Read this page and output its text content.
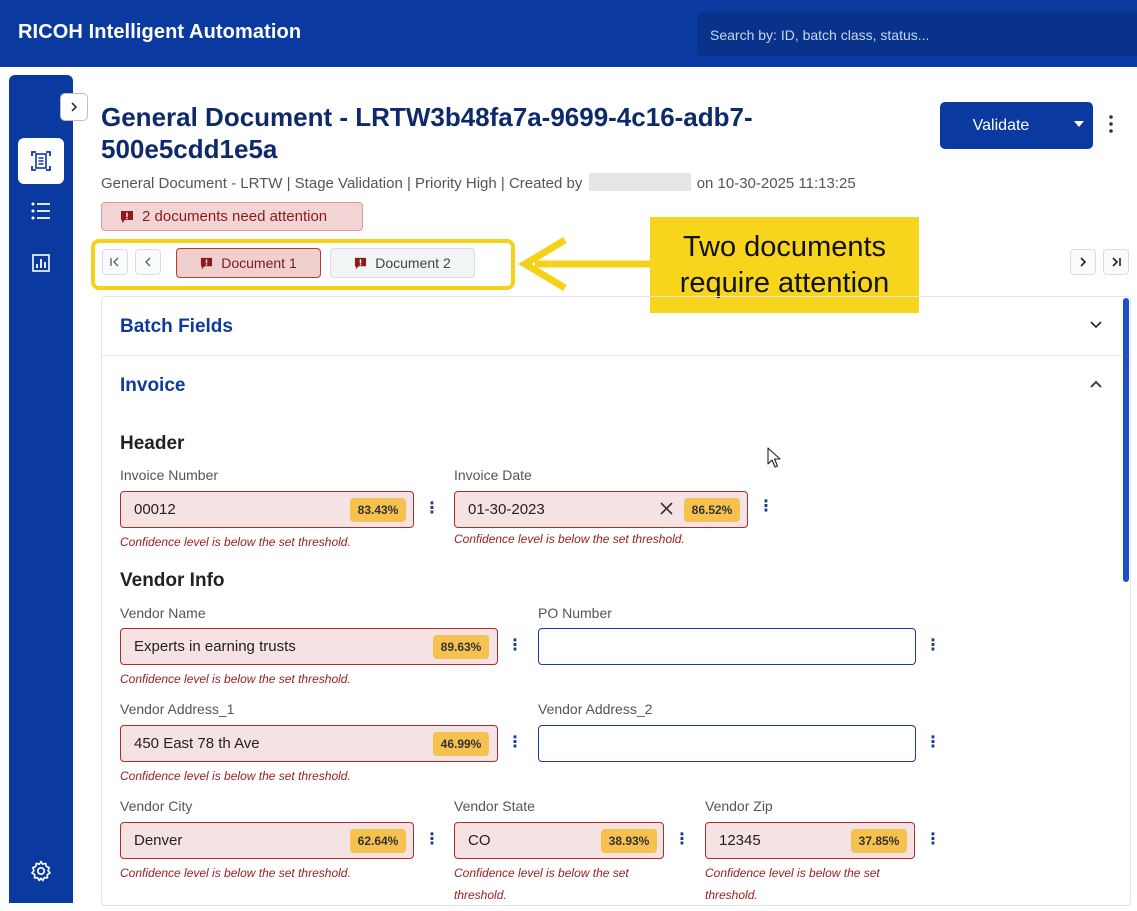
RICOH Intelligent Automation	Search by: ID, batch class, status...
General Document - LRTW3b48fa7a-9699-4c16-adb7-500e5cdd1e5a
General Document - LRTW | Stage Validation | Priority High | Created by	on 10-30-2025 11:13:25
Validate
2 documents need attention
Document 1	Document 2	Two documents
require attention
Batch Fields
Invoice
Header
Invoice Number
00012	83.43%	⋮
Confidence level is below the set threshold.
Invoice Date
01-30-2023	86.52%	⋮
Confidence level is below the set threshold.
Vendor Info
Vendor Name
Experts in earning trusts	89.63%	⋮
Confidence level is below the set threshold.
PO Number
⋮
Vendor Address_1
450 East 78 th Ave	46.99%	⋮
Confidence level is below the set threshold.
Vendor Address_2
⋮
Vendor City
Denver	62.64%	⋮
Confidence level is below the set threshold.
Vendor State
CO	38.93%	⋮
Confidence level is below the set
threshold.
Vendor Zip
12345	37.85%	⋮
Confidence level is below the set
threshold.
